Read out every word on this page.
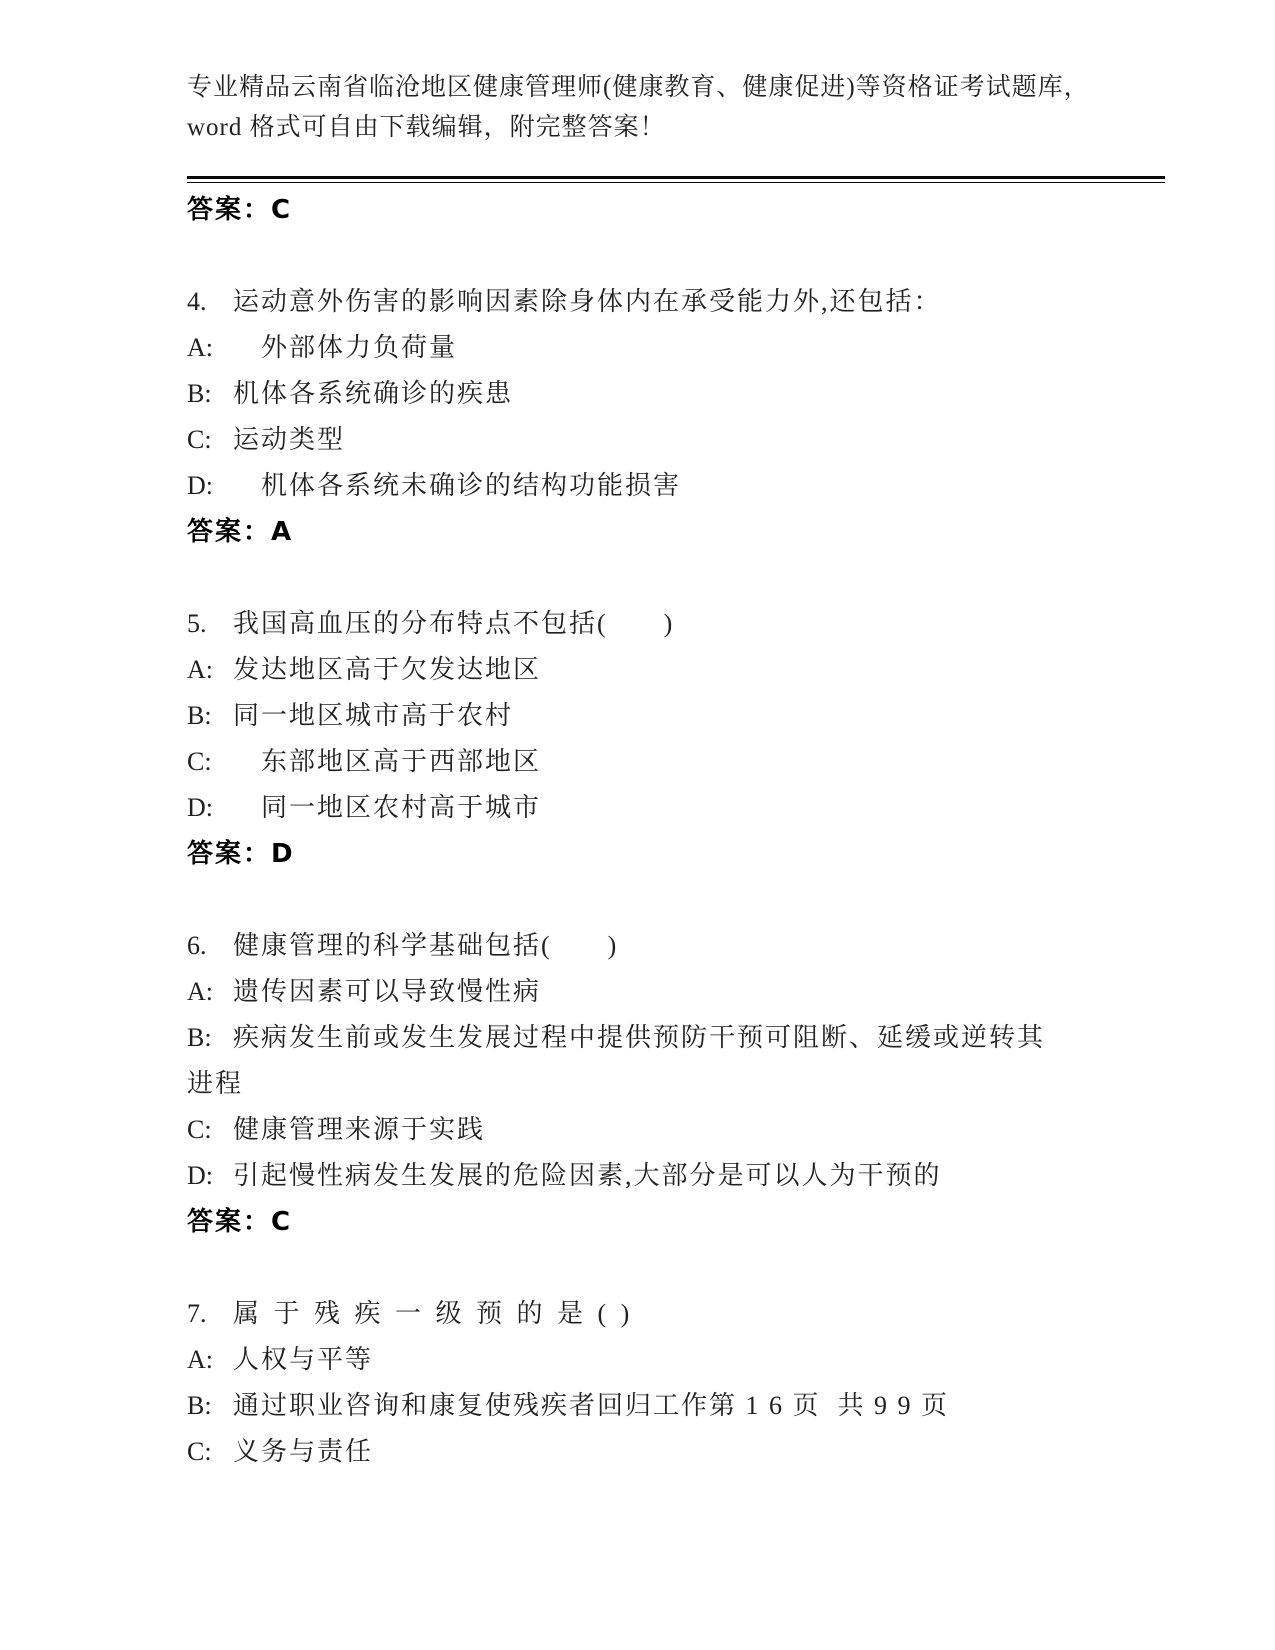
专业精品云南省临沧地区健康管理师(健康教育、健康促进)等资格证考试题库，
word 格式可自由下载编辑，附完整答案！

答案：C

4. 运动意外伤害的影响因素除身体内在承受能力外,还包括：

A:　外部体力负荷量

B: 机体各系统确诊的疾患

C: 运动类型

D:　机体各系统未确诊的结构功能损害

答案：A

5. 我国高血压的分布特点不包括(　　)

A: 发达地区高于欠发达地区

B: 同一地区城市高于农村

C:　东部地区高于西部地区

D:　同一地区农村高于城市

答案：D

6. 健康管理的科学基础包括(　　)

A: 遗传因素可以导致慢性病

B: 疾病发生前或发生发展过程中提供预防干预可阻断、延缓或逆转其

进程

C: 健康管理来源于实践

D: 引起慢性病发生发展的危险因素,大部分是可以人为干预的

答案：C

7. 属 于 残 疾 一 级 预 的 是 ( )

A: 人权与平等

B: 通过职业咨询和康复使残疾者回归工作第 1 6 页  共 9 9 页

C: 义务与责任
